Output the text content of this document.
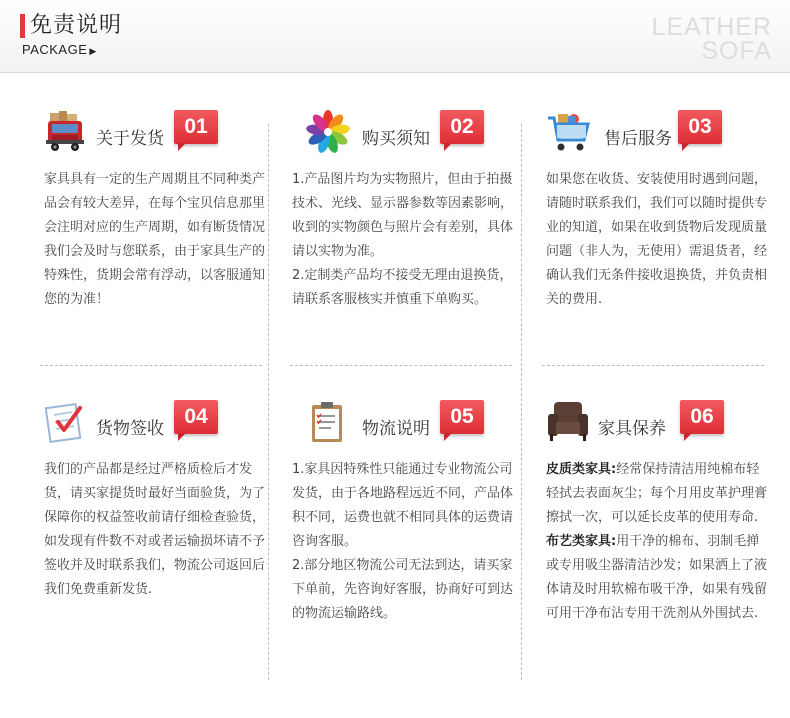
免责说明
PACKAGE ▶
LEATHER
SOFA
关于发货
01

家具具有一定的生产周期且不同种类产品会有较大差异，在每个宝贝信息那里会注明对应的生产周期，如有断货情况我们会及时与您联系，由于家具生产的特殊性，货期会常有浮动，以客服通知您的为准！

购买须知
02

1.产品图片均为实物照片，但由于拍摄技术、光线、显示器参数等因素影响，收到的实物颜色与照片会有差别，具体请以实物为准。

2.定制类产品均不接受无理由退换货，请联系客服核实并慎重下单购买。

售后服务
03

如果您在收货、安装使用时遇到问题，请随时联系我们，我们可以随时提供专业的知道，如果在收到货物后发现质量问题（非人为，无使用）需退货者，经确认我们无条件接收退换货，并负责相关的费用.

货物签收
04

我们的产品都是经过严格质检后才发货，请买家提货时最好当面验货，为了保障你的权益签收前请仔细检查验货，如发现有件数不对或者运输损坏请不予签收并及时联系我们，物流公司返回后我们免费重新发货.

物流说明
05

1.家具因特殊性只能通过专业物流公司发货，由于各地路程远近不同，产品体积不同，运费也就不相同具体的运费请咨询客服。

2.部分地区物流公司无法到达，请买家下单前，先咨询好客服，协商好可到达的物流运输路线。

家具保养
06

皮质类家具:经常保持清洁用纯棉布轻轻拭去表面灰尘；每个月用皮革护理膏擦拭一次，可以延长皮革的使用寿命.

布艺类家具:用干净的棉布、羽制毛掸或专用吸尘器清洁沙发；如果洒上了液体请及时用软棉布吸干净，如果有残留可用干净布沾专用干洗剂从外围拭去.
